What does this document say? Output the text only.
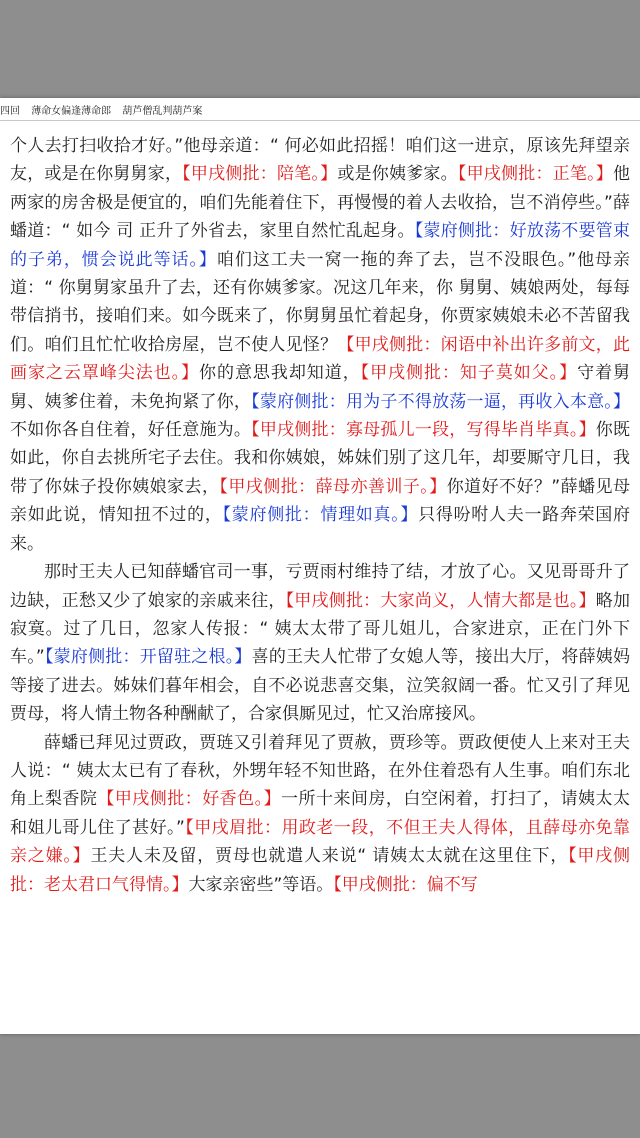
四回 薄命女偏逢薄命郎 葫芦僧乱判葫芦案

个人去打扫收拾才好。”他母亲道：“ 何必如此招摇！咱们这一进京，原该先拜望亲友，或是在你舅舅家，【甲戌侧批：陪笔。】或是你姨爹家。【甲戌侧批：正笔。】他两家的房舍极是便宜的，咱们先能着住下，再慢慢的着人去收拾，岂不消停些。”薛蟠道：“ 如今 司 正升了外省去，家里自然忙乱起身。【蒙府侧批：好放荡不要管束的子弟，惯会说此等话。】咱们这工夫一窝一拖的奔了去，岂不没眼色。”他母亲道：“ 你舅舅家虽升了去，还有你姨爹家。况这几年来，你 舅舅、姨娘两处，每每带信捎书，接咱们来。如今既来了，你舅舅虽忙着起身，你贾家姨娘未必不苦留我们。咱们且忙忙收拾房屋，岂不使人见怪？【甲戌侧批：闲语中补出许多前文，此画家之云罩峰尖法也。】你的意思我却知道，【甲戌侧批：知子莫如父。】守着舅舅、姨爹住着，未免拘紧了你，【蒙府侧批：用为子不得放荡一逼，再收入本意。】不如你各自住着，好任意施为。【甲戌侧批：寡母孤儿一段，写得毕肖毕真。】你既如此，你自去挑所宅子去住。我和你姨娘，姊妹们别了这几年，却要厮守几日，我带了你妹子投你姨娘家去，【甲戌侧批：薛母亦善训子。】你道好不好？”薛蟠见母亲如此说，情知扭不过的，【蒙府侧批：情理如真。】只得吩咐人夫一路奔荣国府来。

那时王夫人已知薛蟠官司一事，亏贾雨村维持了结，才放了心。又见哥哥升了边缺，正愁又少了娘家的亲戚来往，【甲戌侧批：大家尚义，人情大都是也。】略加寂寞。过了几日，忽家人传报：“ 姨太太带了哥儿姐儿，合家进京，正在门外下车。”【蒙府侧批：开留驻之根。】喜的王夫人忙带了女媳人等，接出大厅，将薛姨妈等接了进去。姊妹们暮年相会，自不必说悲喜交集，泣笑叙阔一番。忙又引了拜见贾母，将人情土物各种酬献了，合家俱厮见过，忙又治席接风。

薛蟠已拜见过贾政，贾琏又引着拜见了贾赦，贾珍等。贾政便使人上来对王夫人说：“ 姨太太已有了春秋，外甥年轻不知世路，在外住着恐有人生事。咱们东北角上梨香院【甲戌侧批：好香色。】一所十来间房，白空闲着，打扫了，请姨太太和姐儿哥儿住了甚好。”【甲戌眉批：用政老一段，不但王夫人得体，且薛母亦免靠亲之嫌。】王夫人未及留，贾母也就遣人来说“ 请姨太太就在这里住下，【甲戌侧批：老太君口气得情。】大家亲密些”等语。【甲戌侧批：偏不写
